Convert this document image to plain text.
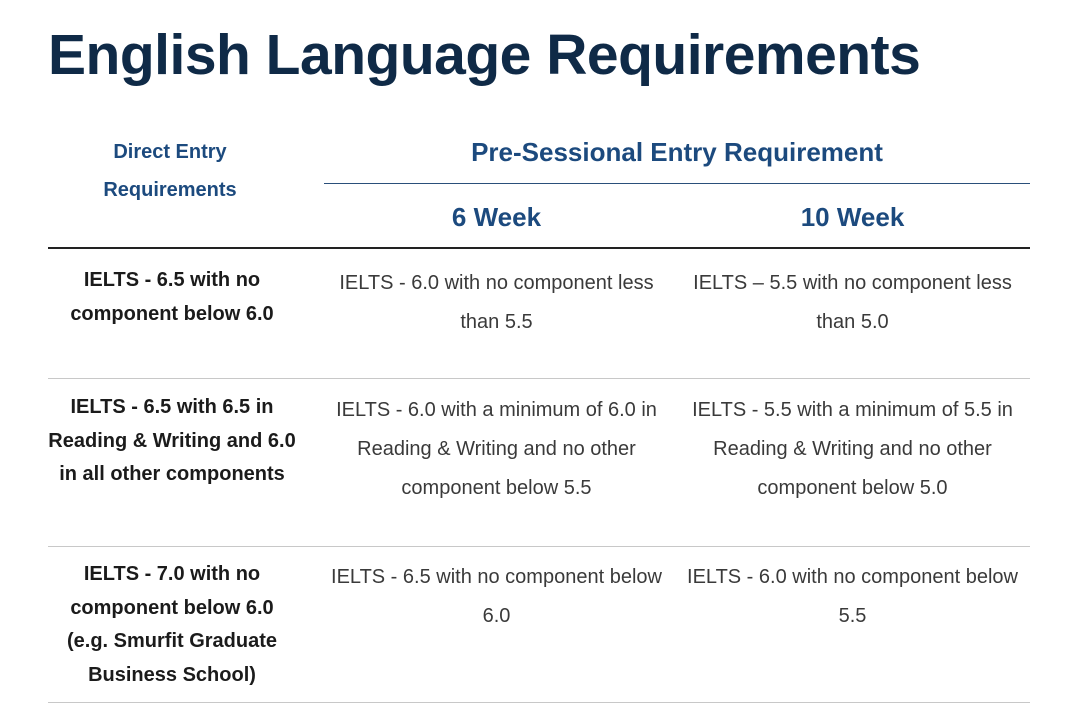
English Language Requirements
Direct Entry Requirements
Pre-Sessional Entry Requirement
6 Week	10 Week
IELTS - 6.5 with no component below 6.0
IELTS - 6.0 with no component less than 5.5
IELTS – 5.5 with no component less than 5.0
IELTS - 6.5 with 6.5 in Reading & Writing and 6.0 in all other components
IELTS - 6.0 with a minimum of 6.0 in Reading & Writing and no other component below 5.5
IELTS - 5.5 with a minimum of 5.5 in Reading & Writing and no other component below 5.0
IELTS - 7.0 with no component below 6.0 (e.g. Smurfit Graduate Business School)
IELTS - 6.5 with no component below 6.0
IELTS - 6.0 with no component below 5.5
